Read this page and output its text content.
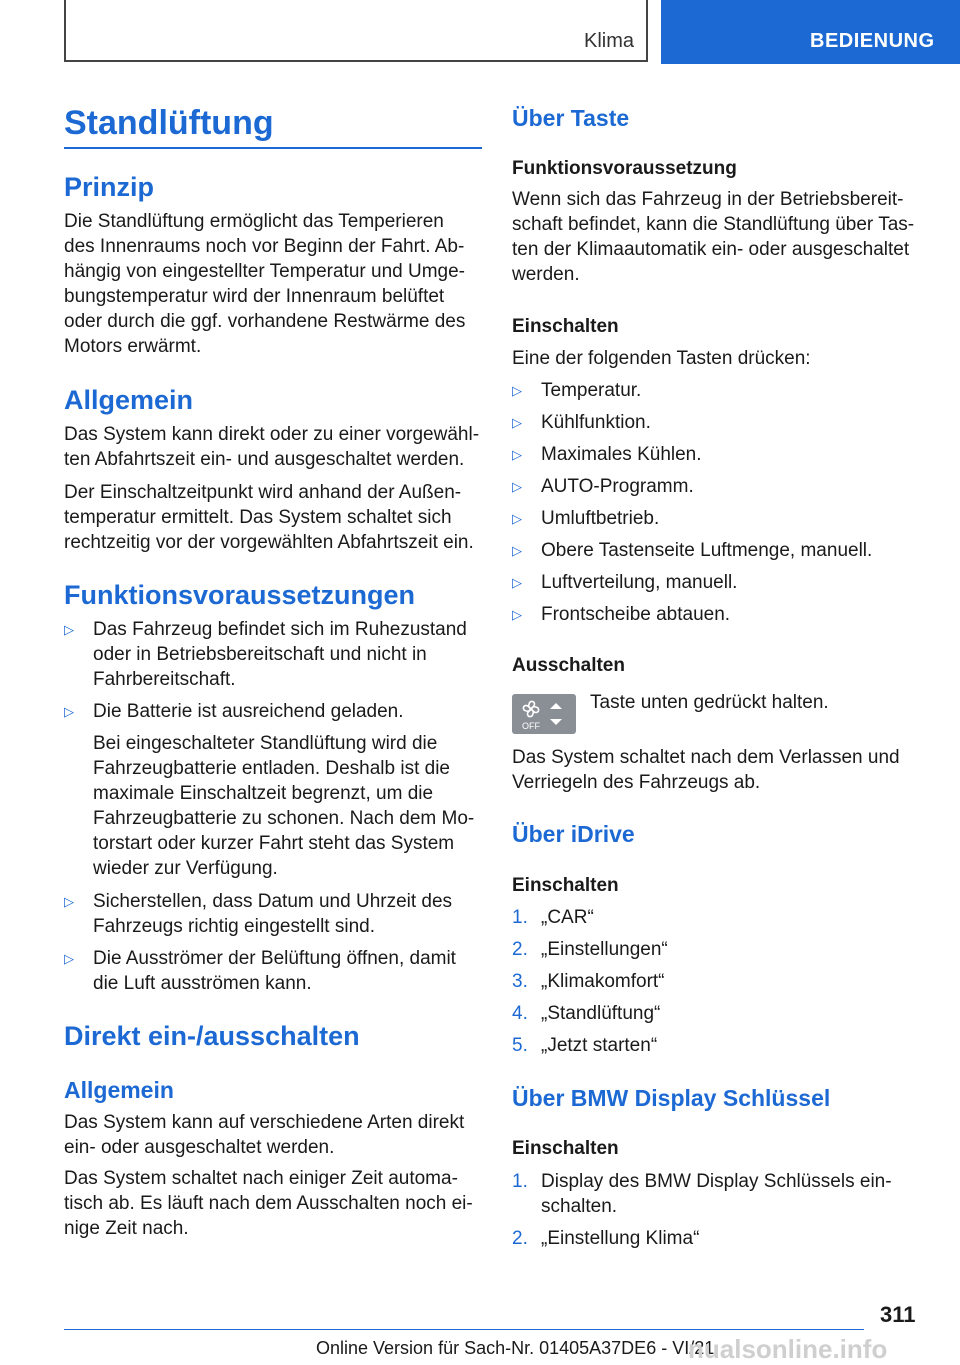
Klima	BEDIENUNG
Standlüftung
Prinzip

Die Standlüftung ermöglicht das Temperieren

des Innenraums noch vor Beginn der Fahrt. Ab‐

hängig von eingestellter Temperatur und Umge‐

bungstemperatur wird der Innenraum belüftet

oder durch die ggf. vorhandene Restwärme des

Motors erwärmt.

Allgemein

Das System kann direkt oder zu einer vorgewähl‐

ten Abfahrtszeit ein- und ausgeschaltet werden.

Der Einschaltzeitpunkt wird anhand der Außen‐

temperatur ermittelt. Das System schaltet sich

rechtzeitig vor der vorgewählten Abfahrtszeit ein.

Funktionsvoraussetzungen
▷ Das Fahrzeug befindet sich im Ruhezustand
oder in Betriebsbereitschaft und nicht in
Fahrbereitschaft.
▷ Die Batterie ist ausreichend geladen.
Bei eingeschalteter Standlüftung wird die
Fahrzeugbatterie entladen. Deshalb ist die
maximale Einschaltzeit begrenzt, um die
Fahrzeugbatterie zu schonen. Nach dem Mo‐
torstart oder kurzer Fahrt steht das System
wieder zur Verfügung.
▷ Sicherstellen, dass Datum und Uhrzeit des
Fahrzeugs richtig eingestellt sind.
▷ Die Ausströmer der Belüftung öffnen, damit
die Luft ausströmen kann.
Direkt ein-/ausschalten
Allgemein

Das System kann auf verschiedene Arten direkt

ein- oder ausgeschaltet werden.

Das System schaltet nach einiger Zeit automa‐

tisch ab. Es läuft nach dem Ausschalten noch ei‐

nige Zeit nach.

Über Taste
Funktionsvoraussetzung

Wenn sich das Fahrzeug in der Betriebsbereit‐

schaft befindet, kann die Standlüftung über Tas‐

ten der Klimaautomatik ein- oder ausgeschaltet

werden.

Einschalten
Eine der folgenden Tasten drücken:
▷ Temperatur.
▷ Kühlfunktion.
▷ Maximales Kühlen.
▷ AUTO-Programm.
▷ Umluftbetrieb.
▷ Obere Tastenseite Luftmenge, manuell.
▷ Luftverteilung, manuell.
▷ Frontscheibe abtauen.
Ausschalten
OFF
Taste unten gedrückt halten.

Das System schaltet nach dem Verlassen und

Verriegeln des Fahrzeugs ab.

Über iDrive
Einschalten
1. „CAR“
2. „Einstellungen“
3. „Klimakomfort“
4. „Standlüftung“
5. „Jetzt starten“
Über BMW Display Schlüssel
Einschalten
1. Display des BMW Display Schlüssels ein‐
schalten.
2. „Einstellung Klima“
311
Online Version für Sach-Nr. 01405A37DE6 - VI/21
nualsonline.info
